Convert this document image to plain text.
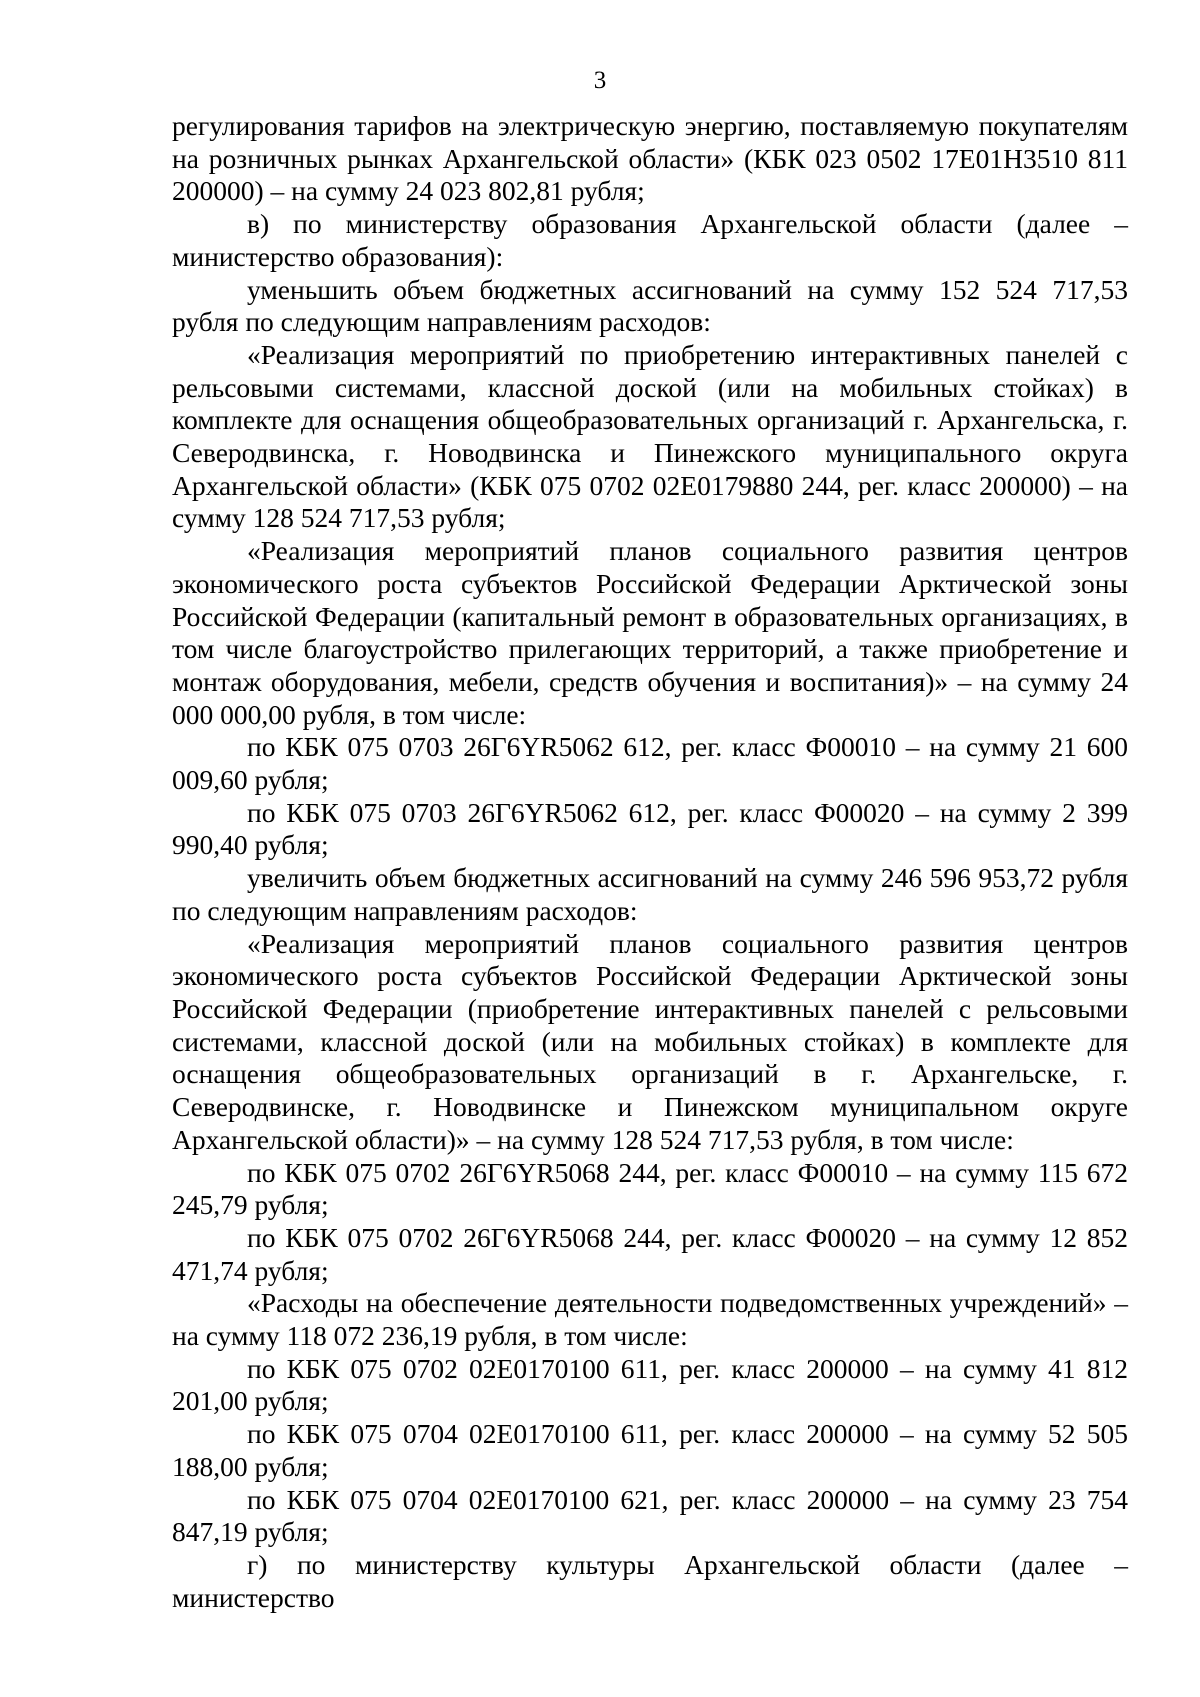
3

регулирования тарифов на электрическую энергию, поставляемую покупателям на розничных рынках Архангельской области» (КБК 023 0502 17Е01Н3510 811 200000) – на сумму 24 023 802,81 рубля;

в) по министерству образования Архангельской области (далее – министерство образования):

уменьшить объем бюджетных ассигнований на сумму 152 524 717,53 рубля по следующим направлениям расходов:

«Реализация мероприятий по приобретению интерактивных панелей с рельсовыми системами, классной доской (или на мобильных стойках) в комплекте для оснащения общеобразовательных организаций г. Архангельска, г. Северодвинска, г. Новодвинска и Пинежского муниципального округа Архангельской области» (КБК 075 0702 02Е0179880 244, рег. класс 200000) – на сумму 128 524 717,53 рубля;

«Реализация мероприятий планов социального развития центров экономического роста субъектов Российской Федерации Арктической зоны Российской Федерации (капитальный ремонт в образовательных организациях, в том числе благоустройство прилегающих территорий, а также приобретение и монтаж оборудования, мебели, средств обучения и воспитания)» – на сумму 24 000 000,00 рубля, в том числе:

по КБК 075 0703 26Г6YR5062 612, рег. класс Ф00010 – на сумму 21 600 009,60 рубля;

по КБК 075 0703 26Г6YR5062 612, рег. класс Ф00020 – на сумму 2 399 990,40 рубля;

увеличить объем бюджетных ассигнований на сумму 246 596 953,72 рубля по следующим направлениям расходов:

«Реализация мероприятий планов социального развития центров экономического роста субъектов Российской Федерации Арктической зоны Российской Федерации (приобретение интерактивных панелей с рельсовыми системами, классной доской (или на мобильных стойках) в комплекте для оснащения общеобразовательных организаций в г. Архангельске, г. Северодвинске, г. Новодвинске и Пинежском муниципальном округе Архангельской области)» – на сумму 128 524 717,53 рубля, в том числе:

по КБК 075 0702 26Г6YR5068 244, рег. класс Ф00010 – на сумму 115 672 245,79 рубля;

по КБК 075 0702 26Г6YR5068 244, рег. класс Ф00020 – на сумму 12 852 471,74 рубля;

«Расходы на обеспечение деятельности подведомственных учреждений» – на сумму 118 072 236,19 рубля, в том числе:

по КБК 075 0702 02Е0170100 611, рег. класс 200000 – на сумму 41 812 201,00 рубля;

по КБК 075 0704 02Е0170100 611, рег. класс 200000 – на сумму 52 505 188,00 рубля;

по КБК 075 0704 02Е0170100 621, рег. класс 200000 – на сумму 23 754 847,19 рубля;

г) по министерству культуры Архангельской области (далее – министерство
